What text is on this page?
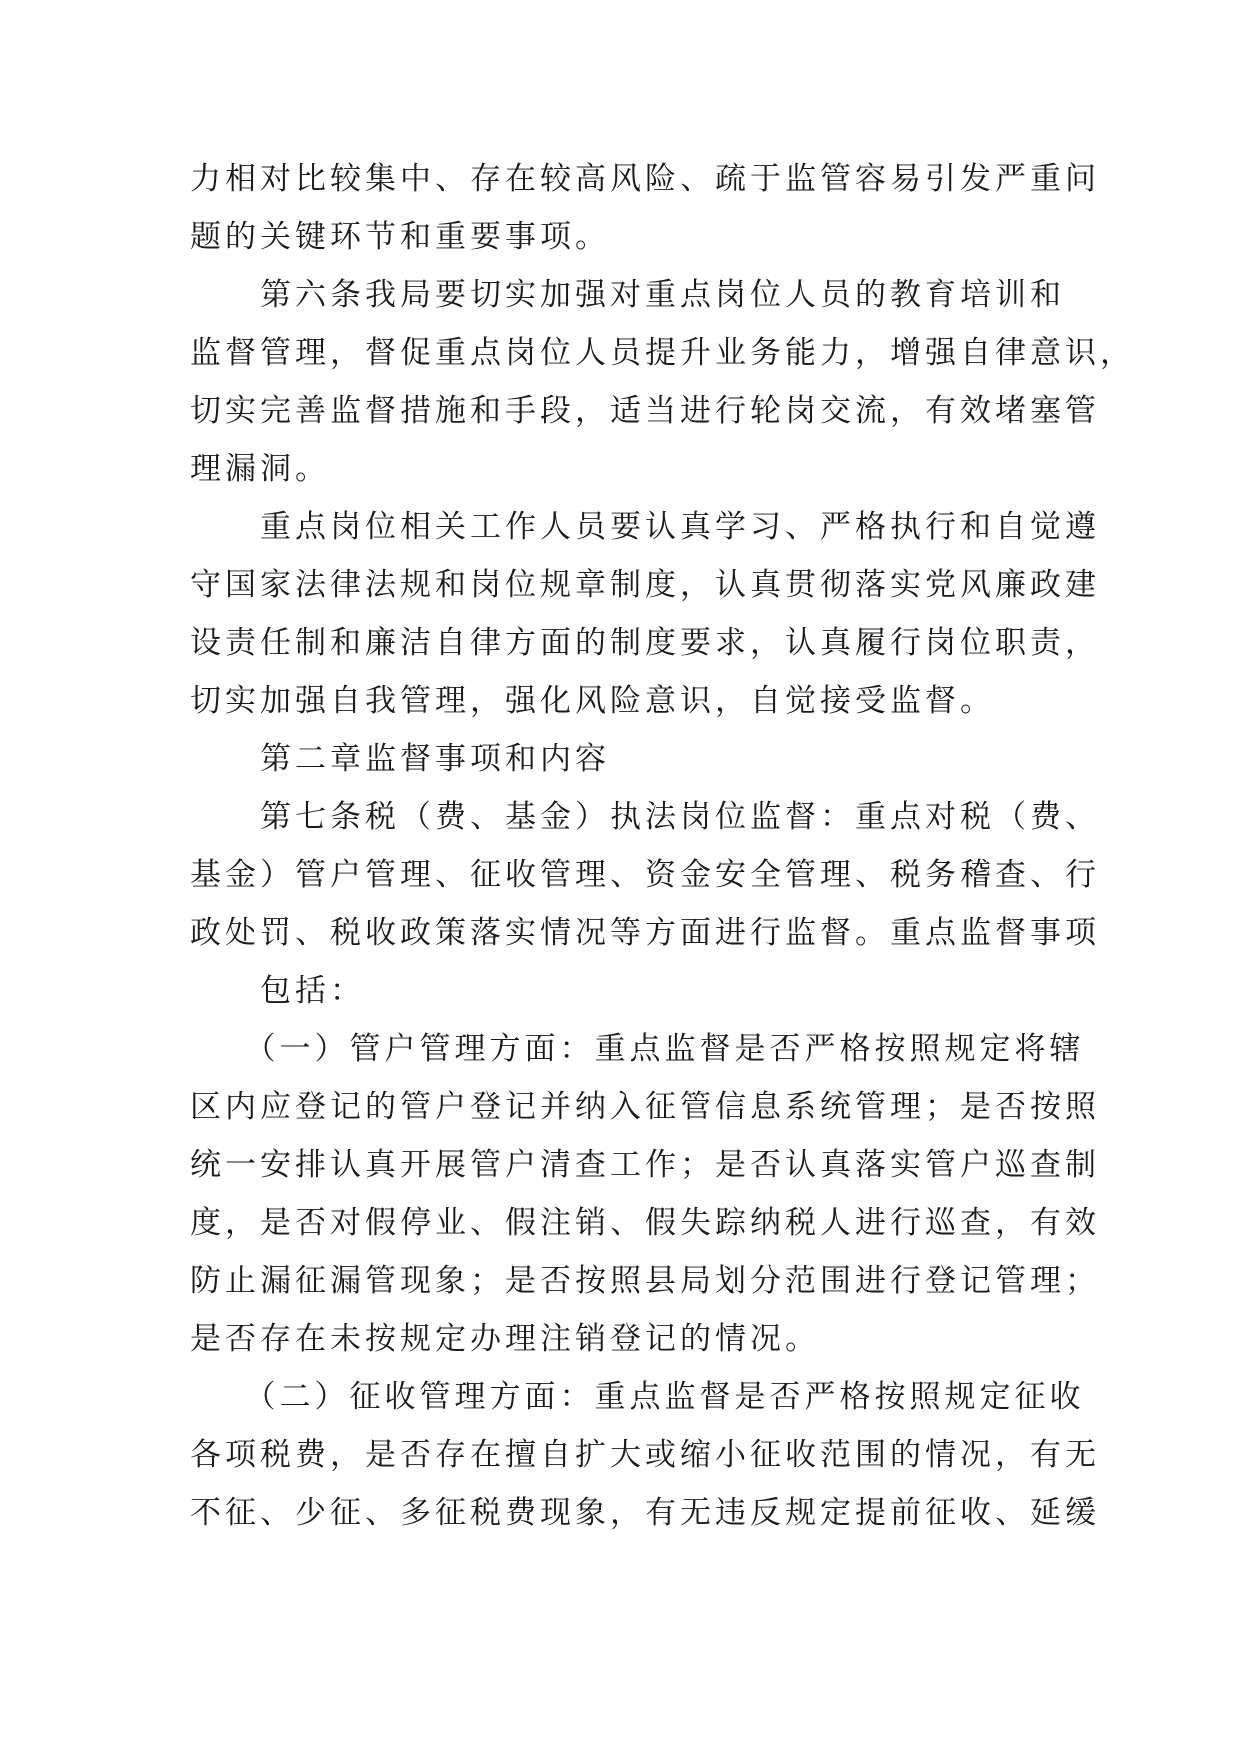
力相对比较集中、存在较高风险、疏于监管容易引发严重问
题的关键环节和重要事项。
　　第六条我局要切实加强对重点岗位人员的教育培训和
监督管理，督促重点岗位人员提升业务能力，增强自律意识，
切实完善监督措施和手段，适当进行轮岗交流，有效堵塞管
理漏洞。
　　重点岗位相关工作人员要认真学习、严格执行和自觉遵
守国家法律法规和岗位规章制度，认真贯彻落实党风廉政建
设责任制和廉洁自律方面的制度要求，认真履行岗位职责，
切实加强自我管理，强化风险意识，自觉接受监督。
　　第二章监督事项和内容
　　第七条税（费、基金）执法岗位监督：重点对税（费、
基金）管户管理、征收管理、资金安全管理、税务稽查、行
政处罚、税收政策落实情况等方面进行监督。重点监督事项
　　包括：
　　（一）管户管理方面：重点监督是否严格按照规定将辖
区内应登记的管户登记并纳入征管信息系统管理；是否按照
统一安排认真开展管户清查工作；是否认真落实管户巡查制
度，是否对假停业、假注销、假失踪纳税人进行巡查，有效
防止漏征漏管现象；是否按照县局划分范围进行登记管理；
是否存在未按规定办理注销登记的情况。
　　（二）征收管理方面：重点监督是否严格按照规定征收
各项税费，是否存在擅自扩大或缩小征收范围的情况，有无
不征、少征、多征税费现象，有无违反规定提前征收、延缓
